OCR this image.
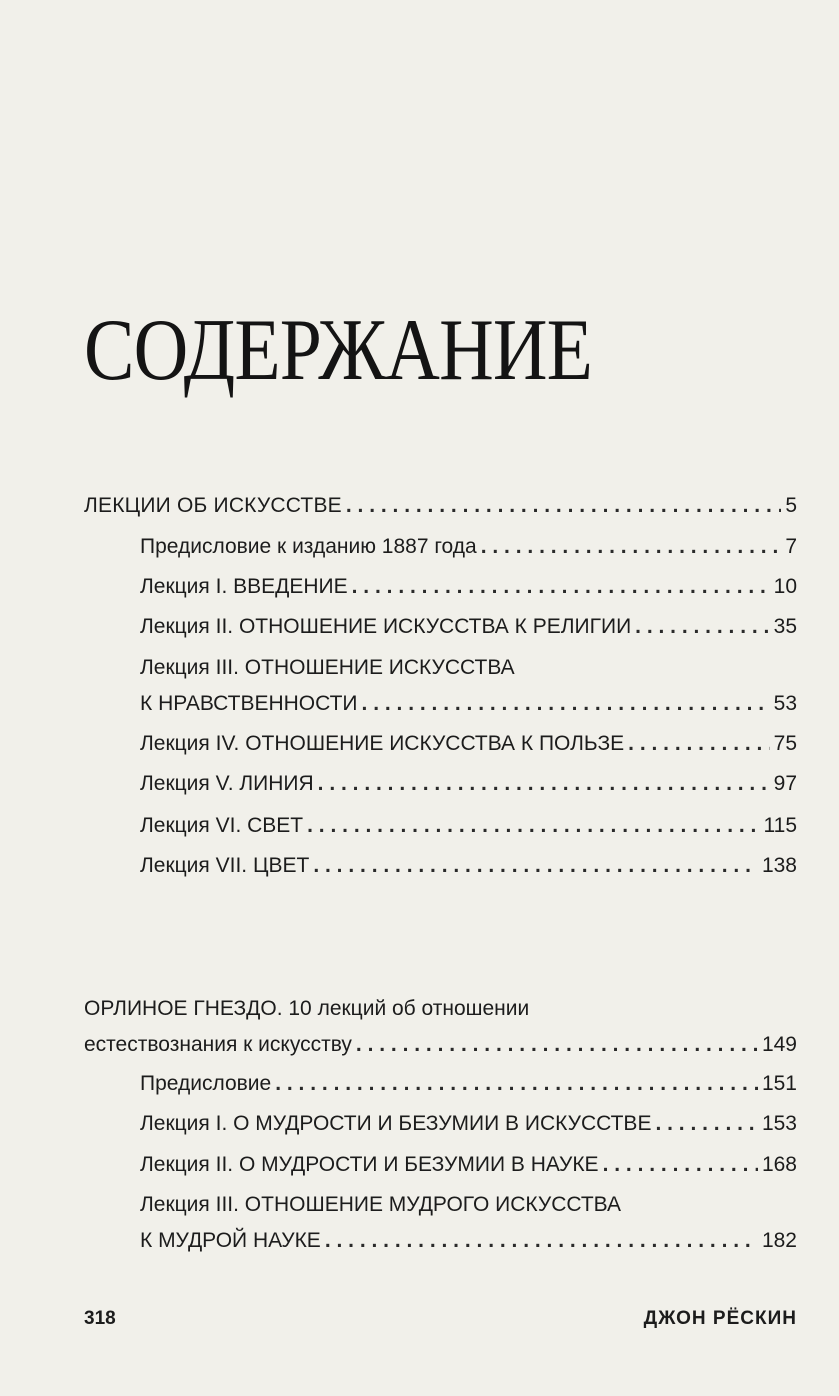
СОДЕРЖАНИЕ
ЛЕКЦИИ ОБ ИСКУССТВЕ . . .	5
Предисловие к изданию 1887 года . . .	7
Лекция I. ВВЕДЕНИЕ . . .	10
Лекция II. ОТНОШЕНИЕ ИСКУССТВА К РЕЛИГИИ . . .	35
Лекция III. ОТНОШЕНИЕ ИСКУССТВА
К НРАВСТВЕННОСТИ . . .	53
Лекция IV. ОТНОШЕНИЕ ИСКУССТВА К ПОЛЬЗЕ . . .	75
Лекция V. ЛИНИЯ . . .	97
Лекция VI. СВЕТ . . .	115
Лекция VII. ЦВЕТ . . .	138
ОРЛИНОЕ ГНЕЗДО. 10 лекций об отношении
естествознания к искусству . . .	149
Предисловие . . .	151
Лекция I. О МУДРОСТИ И БЕЗУМИИ В ИСКУССТВЕ . . .	153
Лекция II. О МУДРОСТИ И БЕЗУМИИ В НАУКЕ . . .	168
Лекция III. ОТНОШЕНИЕ МУДРОГО ИСКУССТВА
К МУДРОЙ НАУКЕ . . .	182
318	ДЖОН РЁСКИН
